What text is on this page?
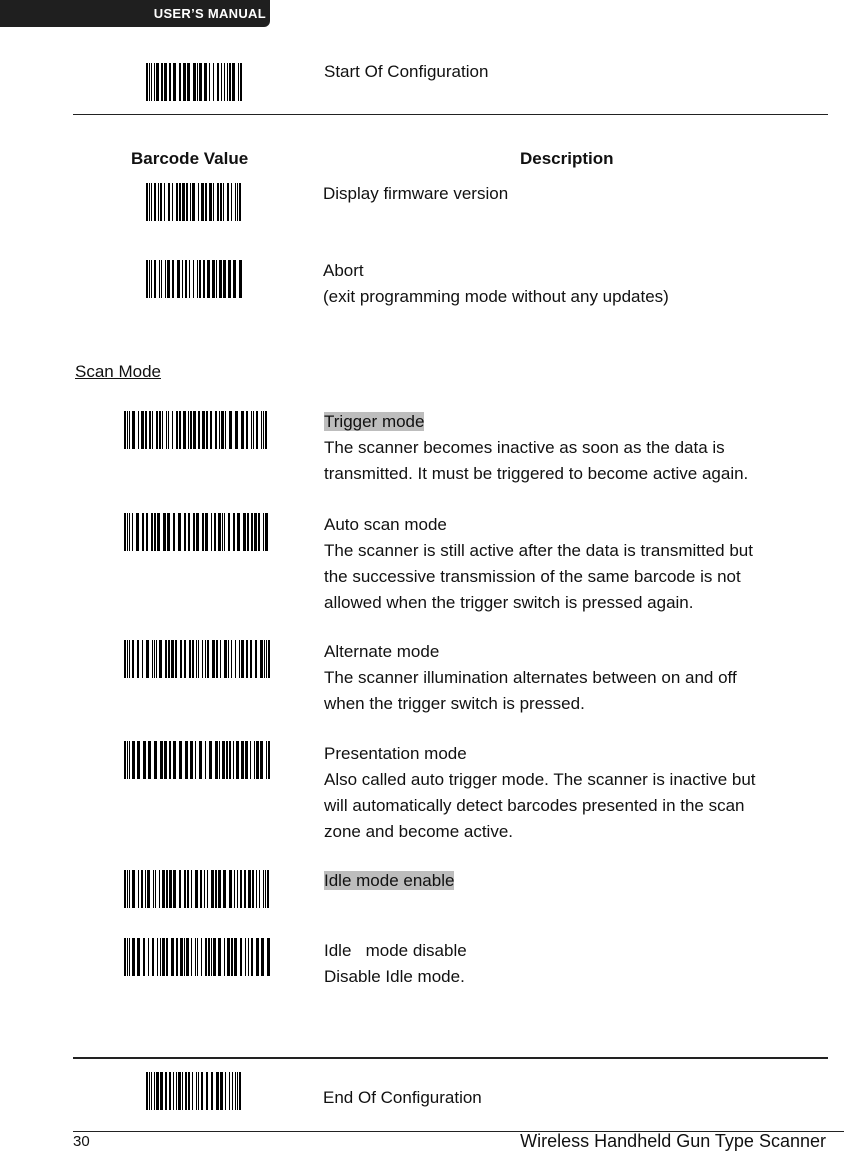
USER’S MANUAL
Start Of Configuration
Barcode Value	Description
Display firmware version
Abort
(exit programming mode without any updates)
Scan Mode
Trigger mode
The scanner becomes inactive as soon as the data is
transmitted. It must be triggered to become active again.
Auto scan mode
The scanner is still active after the data is transmitted but
the successive transmission of the same barcode is not
allowed when the trigger switch is pressed again.
Alternate mode
The scanner illumination alternates between on and off
when the trigger switch is pressed.
Presentation mode
Also called auto trigger mode. The scanner is inactive but
will automatically detect barcodes presented in the scan
zone and become active.
Idle mode enable
Idle   mode disable
Disable Idle mode.
End Of Configuration
30	Wireless Handheld Gun Type Scanner
